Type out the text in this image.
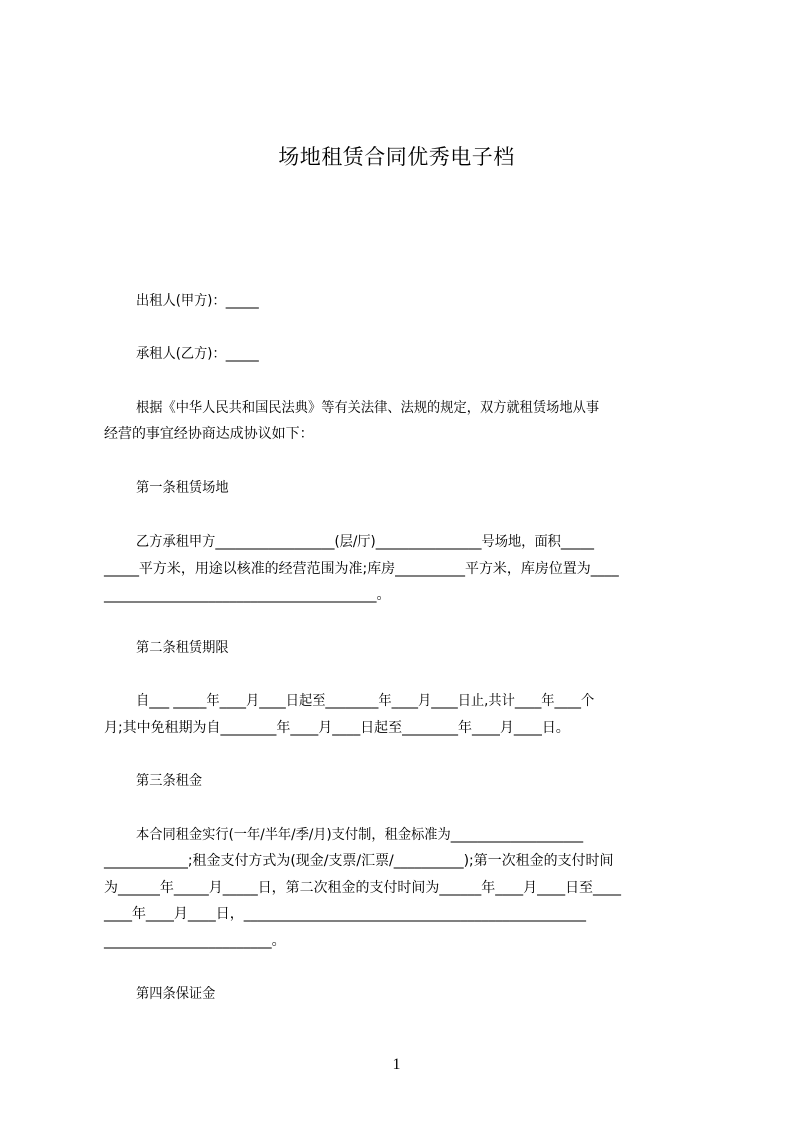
场地租赁合同优秀电子档
出租人(甲方)：_____
承租人(乙方)：_____
根据《中华人民共和国民法典》等有关法律、法规的规定，双方就租赁场地从事
经营的事宜经协商达成协议如下：
第一条租赁场地
乙方承租甲方__________________(层/厅)________________号场地，面积_____
_____平方米，用途以核准的经营范围为准;库房__________平方米，库房位置为____
_______________________________________。
第二条租赁期限
自___ _____年____月____日起至________年____月____日止,共计____年____个
月;其中免租期为自________年____月____日起至________年____月____日。
第三条租金
本合同租金实行(一年/半年/季/月)支付制，租金标准为____________________
____________;租金支付方式为(现金/支票/汇票/__________);第一次租金的支付时间
为______年_____月_____日，第二次租金的支付时间为______年____月____日至____
____年____月____日，_________________________________________________
________________________。
第四条保证金
1
